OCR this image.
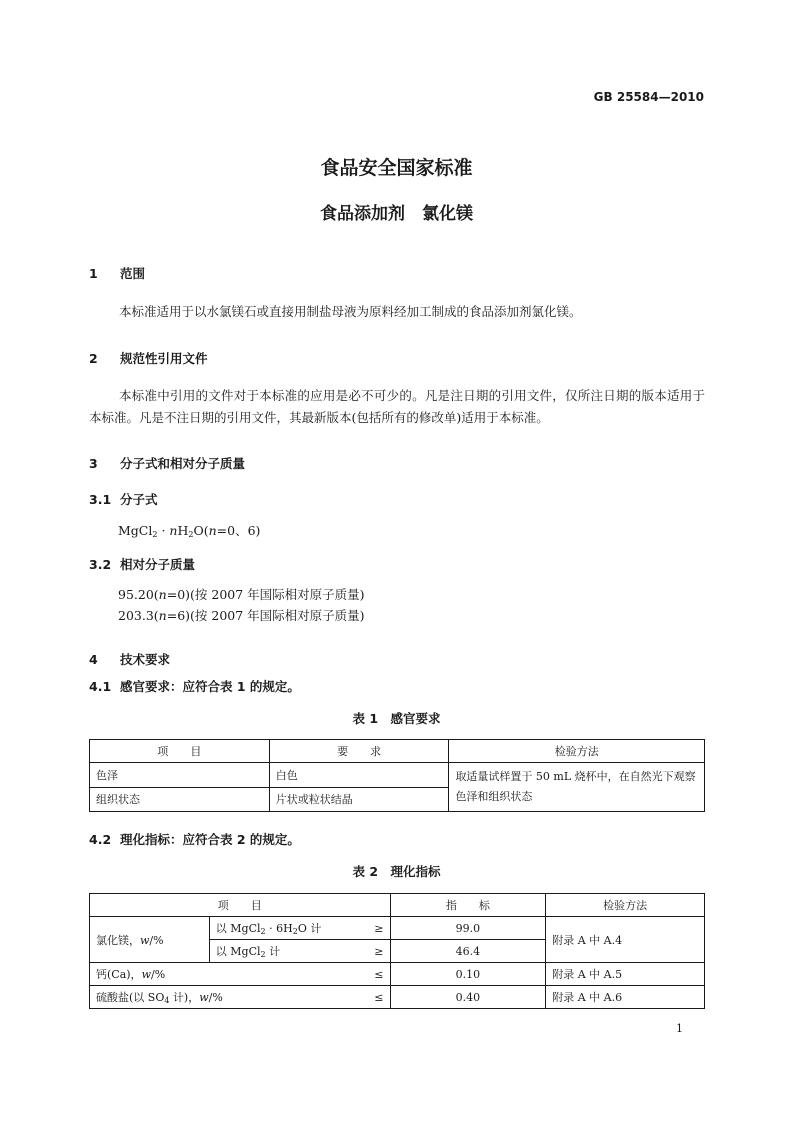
GB 25584—2010
食品安全国家标准
食品添加剂　氯化镁
1 范围
本标准适用于以水氯镁石或直接用制盐母液为原料经加工制成的食品添加剂氯化镁。
2 规范性引用文件
本标准中引用的文件对于本标准的应用是必不可少的。凡是注日期的引用文件，仅所注日期的版本适用于本标准。凡是不注日期的引用文件，其最新版本(包括所有的修改单)适用于本标准。
3 分子式和相对分子质量
3.1 分子式
MgCl$_2$ · $nH_2O(n=0$、6)
3.2 相对分子质量
95.20(n=0)(按 2007 年国际相对原子质量)
203.3(n=6)(按 2007 年国际相对原子质量)
4 技术要求
4.1 感官要求：应符合表 1 的规定。
表 1　感官要求
项　　目	要　　求	检验方法
色泽	白色	取适量试样置于 50 mL 烧杯中，在自然光下观察色泽和组织状态
组织状态	片状或粒状结晶	
4.2 理化指标：应符合表 2 的规定。
表 2　理化指标
项　　目			指　　标	检验方法
氯化镁，w/%	以 MgCl$_2$ · $6H_2O$ 计	≥	99.0	附录 A 中 A.4
	以 MgCl$_2$ 计	≥	46.4	
钙(Ca)，w/%		≤	0.10	附录 A 中 A.5
硫酸盐(以 $SO_4$ 计)，w/%		≤	0.40	附录 A 中 A.6
1
